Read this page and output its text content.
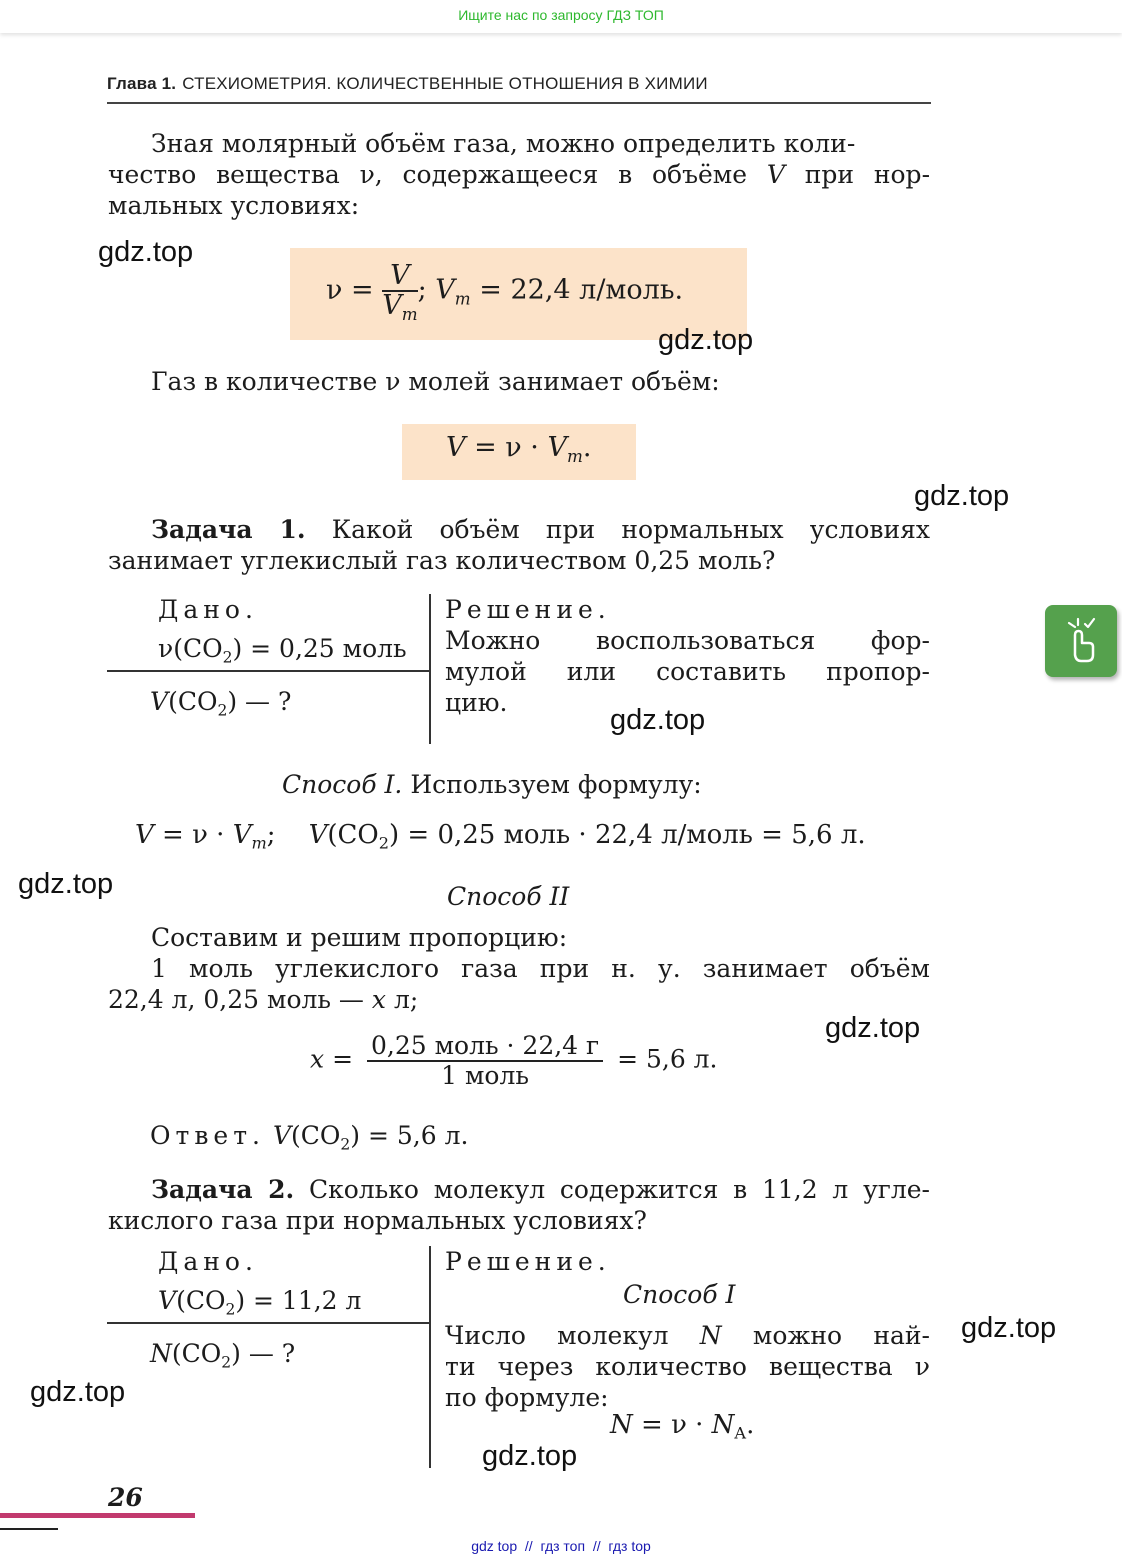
Ищите нас по запросу ГДЗ ТОП
Глава 1. СТЕХИОМЕТРИЯ. КОЛИЧЕСТВЕННЫЕ ОТНОШЕНИЯ В ХИМИИ
Зная молярный объём газа, можно определить коли-
чество вещества ν, содержащееся в объёме V при нор-
мальных условиях:
$\nu = \frac{V}{V_m}$ ; $V_m = 22,4$ л/моль.
Газ в количестве ν молей занимает объём:
$V = \nu \cdot V_m$.
Задача 1. Какой объём при нормальных условиях
занимает углекислый газ количеством 0,25 моль?
Дано.
$\nu(CO_2) = 0,25$ моль
$V(CO_2)$ — ?
Решение.
Можно воспользоваться фор-
мулой или составить пропор-
цию.
Способ I. Используем формулу:
$V = \nu \cdot V_m$; $V(CO_2) = 0,25$ моль · 22,4 л/моль = 5,6 л.
Способ II
Составим и решим пропорцию:
1 моль углекислого газа при н. у. занимает объём
22,4 л, 0,25 моль — x л;
$x = \frac{\text{0,25 моль · 22,4 г}}{\text{1 моль}} = 5,6$ л.
Ответ. $V(CO_2) = 5,6$ л.
Задача 2. Сколько молекул содержится в 11,2 л угле-
кислого газа при нормальных условиях?
Дано.
$V(CO_2) = 11,2$ л
$N(CO_2)$ — ?
Решение.
Способ I
Число молекул N можно най-
ти через количество вещества ν
по формуле:
$N = \nu \cdot N_A$.
gdz.top
gdz.top
gdz.top
gdz.top
gdz.top
gdz.top
gdz.top
gdz.top
gdz.top
26
gdz top  //  гдз топ  //  гдз top
